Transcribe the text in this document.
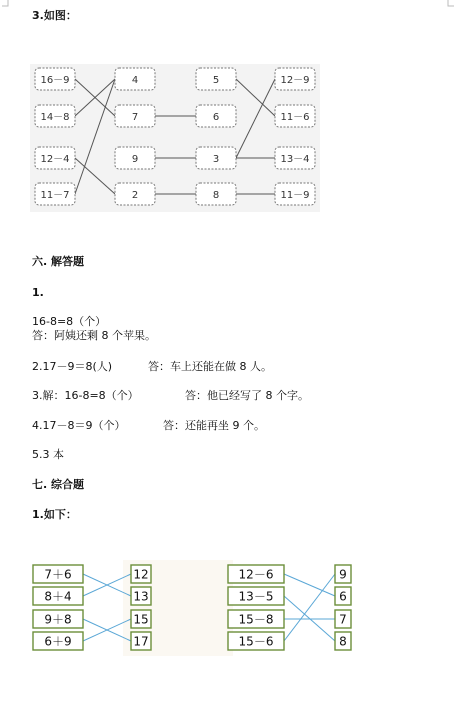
3.如图：
16－9
14－8
12－4
11－7
4
7
9
2
5
6
3
8
12－9
11－6
13－4
11－9
六. 解答题
1.
16-8=8（个）
答：阿姨还剩 8 个苹果。
2.17－9＝8(人)	答：车上还能在做 8 人。
3.解：16-8=8（个）	答：他已经写了 8 个字。
4.17－8＝9（个）	答：还能再坐 9 个。
5.3 本
七. 综合题
1.如下：
7＋6
8＋4
9＋8
6＋9
12
13
15
17
12－6
13－5
15－8
15－6
9
6
7
8
